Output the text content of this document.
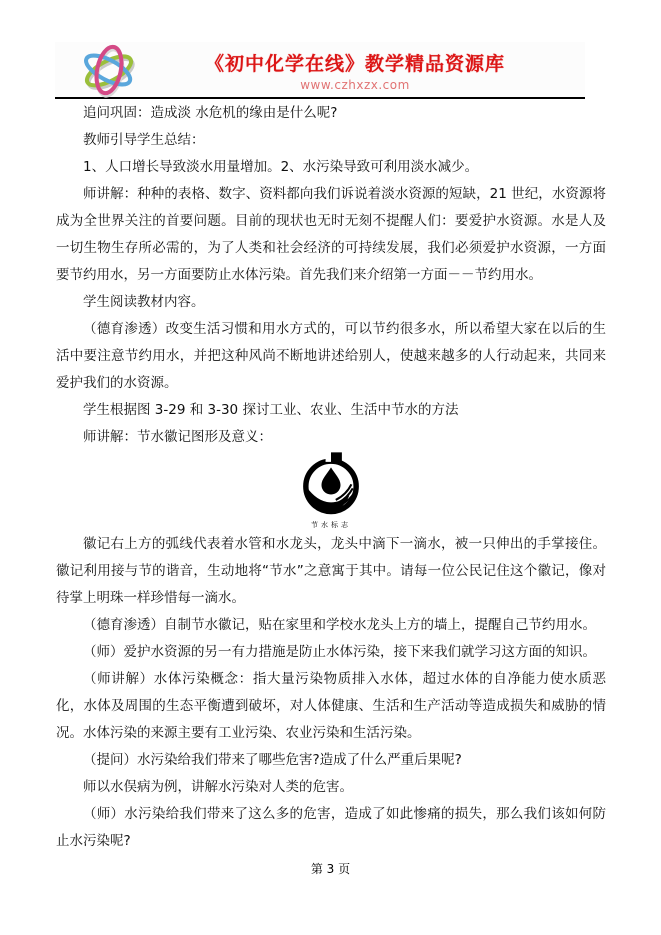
《初中化学在线》教学精品资源库
www.czhxzx.com

追问巩固：造成淡 水危机的缘由是什么呢?

教师引导学生总结：

1、人口增长导致淡水用量增加。2、水污染导致可利用淡水减少。

师讲解：种种的表格、数字、资料都向我们诉说着淡水资源的短缺，21 世纪，水资源将成为全世界关注的首要问题。目前的现状也无时无刻不提醒人们：要爱护水资源。水是人及一切生物生存所必需的，为了人类和社会经济的可持续发展，我们必须爱护水资源，一方面要节约用水，另一方面要防止水体污染。首先我们来介绍第一方面－－节约用水。

学生阅读教材内容。

（德育渗透）改变生活习惯和用水方式的，可以节约很多水，所以希望大家在以后的生活中要注意节约用水，并把这种风尚不断地讲述给别人，使越来越多的人行动起来，共同来爱护我们的水资源。

学生根据图 3-29 和 3-30 探讨工业、农业、生活中节水的方法

师讲解：节水徽记图形及意义：

节水标志

徽记右上方的弧线代表着水管和水龙头，龙头中滴下一滴水，被一只伸出的手掌接住。徽记利用接与节的谐音，生动地将“节水”之意寓于其中。请每一位公民记住这个徽记，像对待掌上明珠一样珍惜每一滴水。

（德育渗透）自制节水徽记，贴在家里和学校水龙头上方的墙上，提醒自己节约用水。

（师）爱护水资源的另一有力措施是防止水体污染，接下来我们就学习这方面的知识。

（师讲解）水体污染概念：指大量污染物质排入水体，超过水体的自净能力使水质恶化，水体及周围的生态平衡遭到破坏，对人体健康、生活和生产活动等造成损失和威胁的情况。水体污染的来源主要有工业污染、农业污染和生活污染。

（提问）水污染给我们带来了哪些危害?造成了什么严重后果呢?

师以水俣病为例，讲解水污染对人类的危害。

（师）水污染给我们带来了这么多的危害，造成了如此惨痛的损失，那么我们该如何防止水污染呢?

第 3 页
